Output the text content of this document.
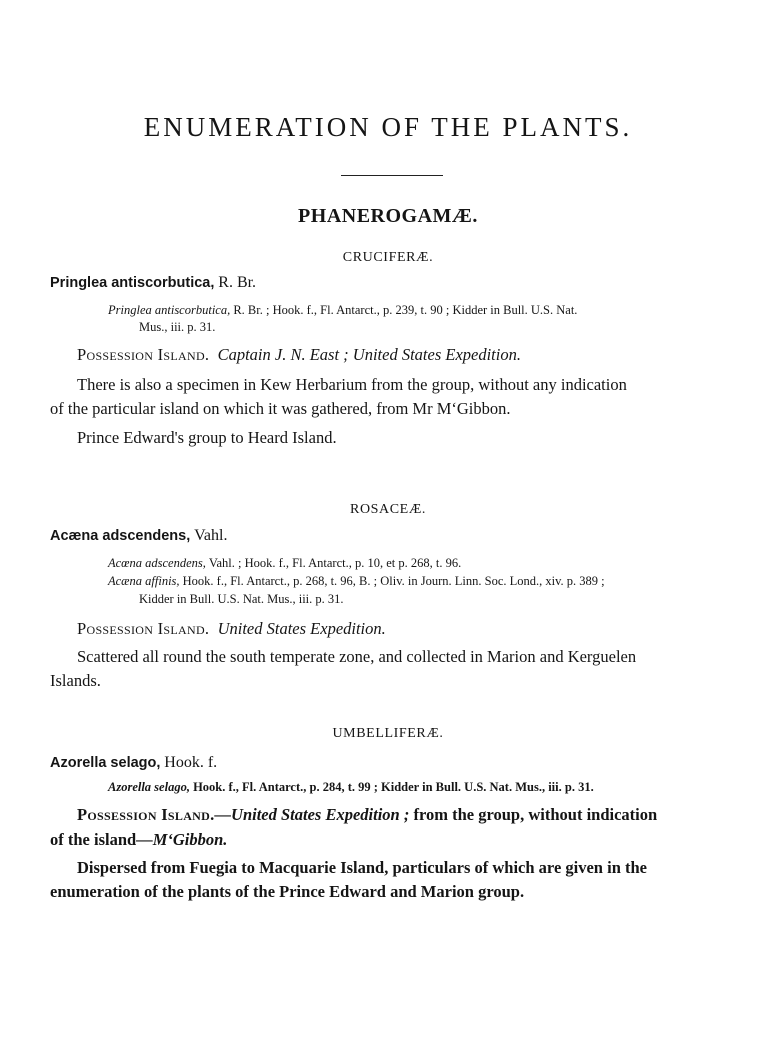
ENUMERATION OF THE PLANTS.
PHANEROGAMÆ.
CRUCIFERÆ.
Pringlea antiscorbutica, R. Br.
Pringlea antiscorbutica, R. Br. ; Hook. f., Fl. Antarct., p. 239, t. 90 ; Kidder in Bull. U.S. Nat.
Mus., iii. p. 31.
Possession Island. Captain J. N. East ; United States Expedition.
There is also a specimen in Kew Herbarium from the group, without any indication
of the particular island on which it was gathered, from Mr M‘Gibbon.
Prince Edward's group to Heard Island.
ROSACEÆ.
Acæna adscendens, Vahl.
Acœna adscendens, Vahl. ; Hook. f., Fl. Antarct., p. 10, et p. 268, t. 96.
Acæna affinis, Hook. f., Fl. Antarct., p. 268, t. 96, B. ; Oliv. in Journ. Linn. Soc. Lond., xiv. p. 389 ;
Kidder in Bull. U.S. Nat. Mus., iii. p. 31.
Possession Island. United States Expedition.
Scattered all round the south temperate zone, and collected in Marion and Kerguelen
Islands.
UMBELLIFERÆ.
Azorella selago, Hook. f.
Azorella selago, Hook. f., Fl. Antarct., p. 284, t. 99 ; Kidder in Bull. U.S. Nat. Mus., iii. p. 31.
Possession Island.—United States Expedition ; from the group, without indication
of the island—M‘Gibbon.
Dispersed from Fuegia to Macquarie Island, particulars of which are given in the
enumeration of the plants of the Prince Edward and Marion group.
